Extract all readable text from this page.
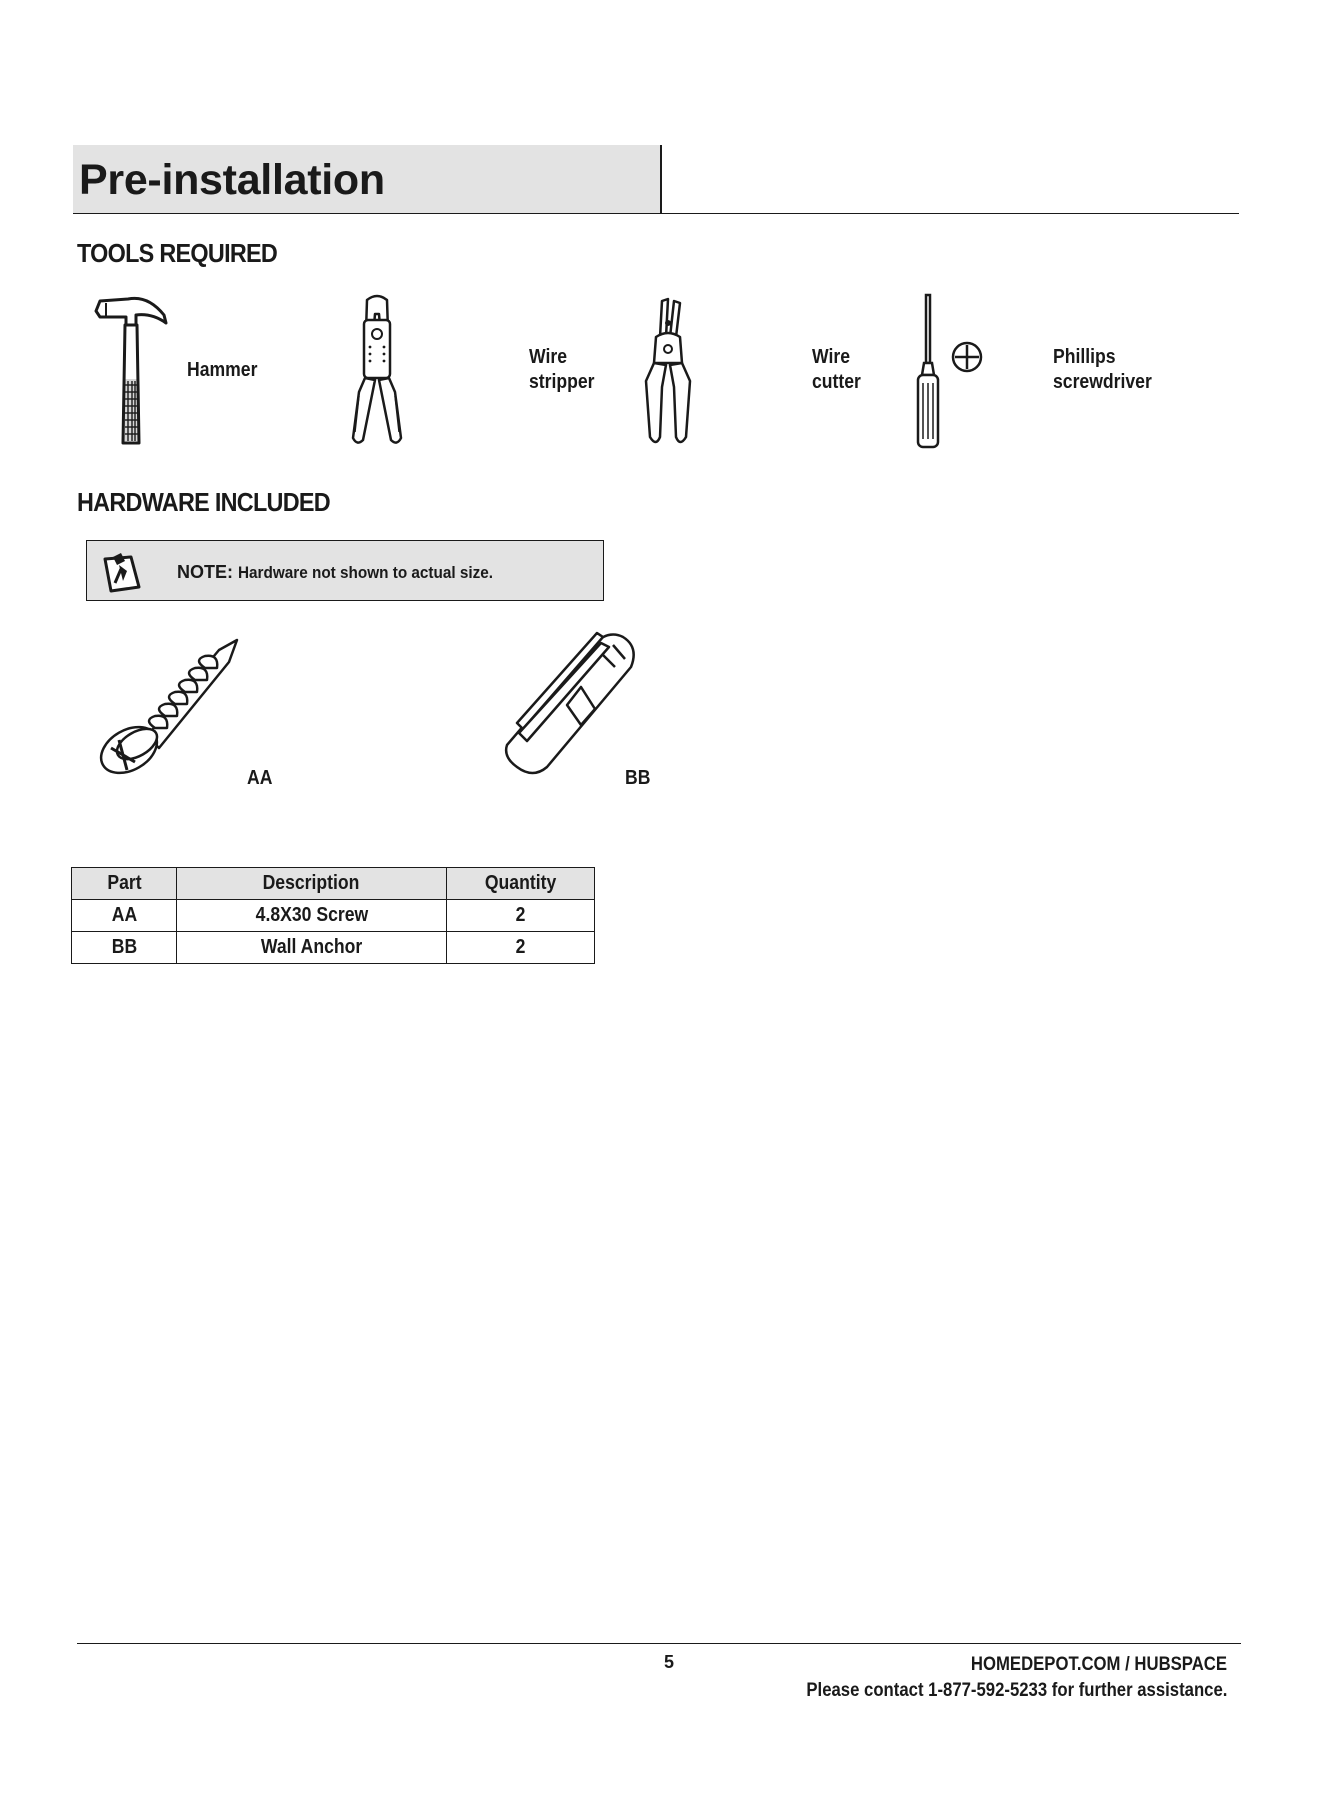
Pre-installation
TOOLS REQUIRED
Hammer
Wire
stripper
Wire
cutter
Phillips
screwdriver
HARDWARE INCLUDED
NOTE: Hardware not shown to actual size.
AA	BB
Part	Description	Quantity
AA	4.8X30 Screw	2
BB	Wall Anchor	2
5	HOMEDEPOT.COM / HUBSPACE
Please contact 1-877-592-5233 for further assistance.
